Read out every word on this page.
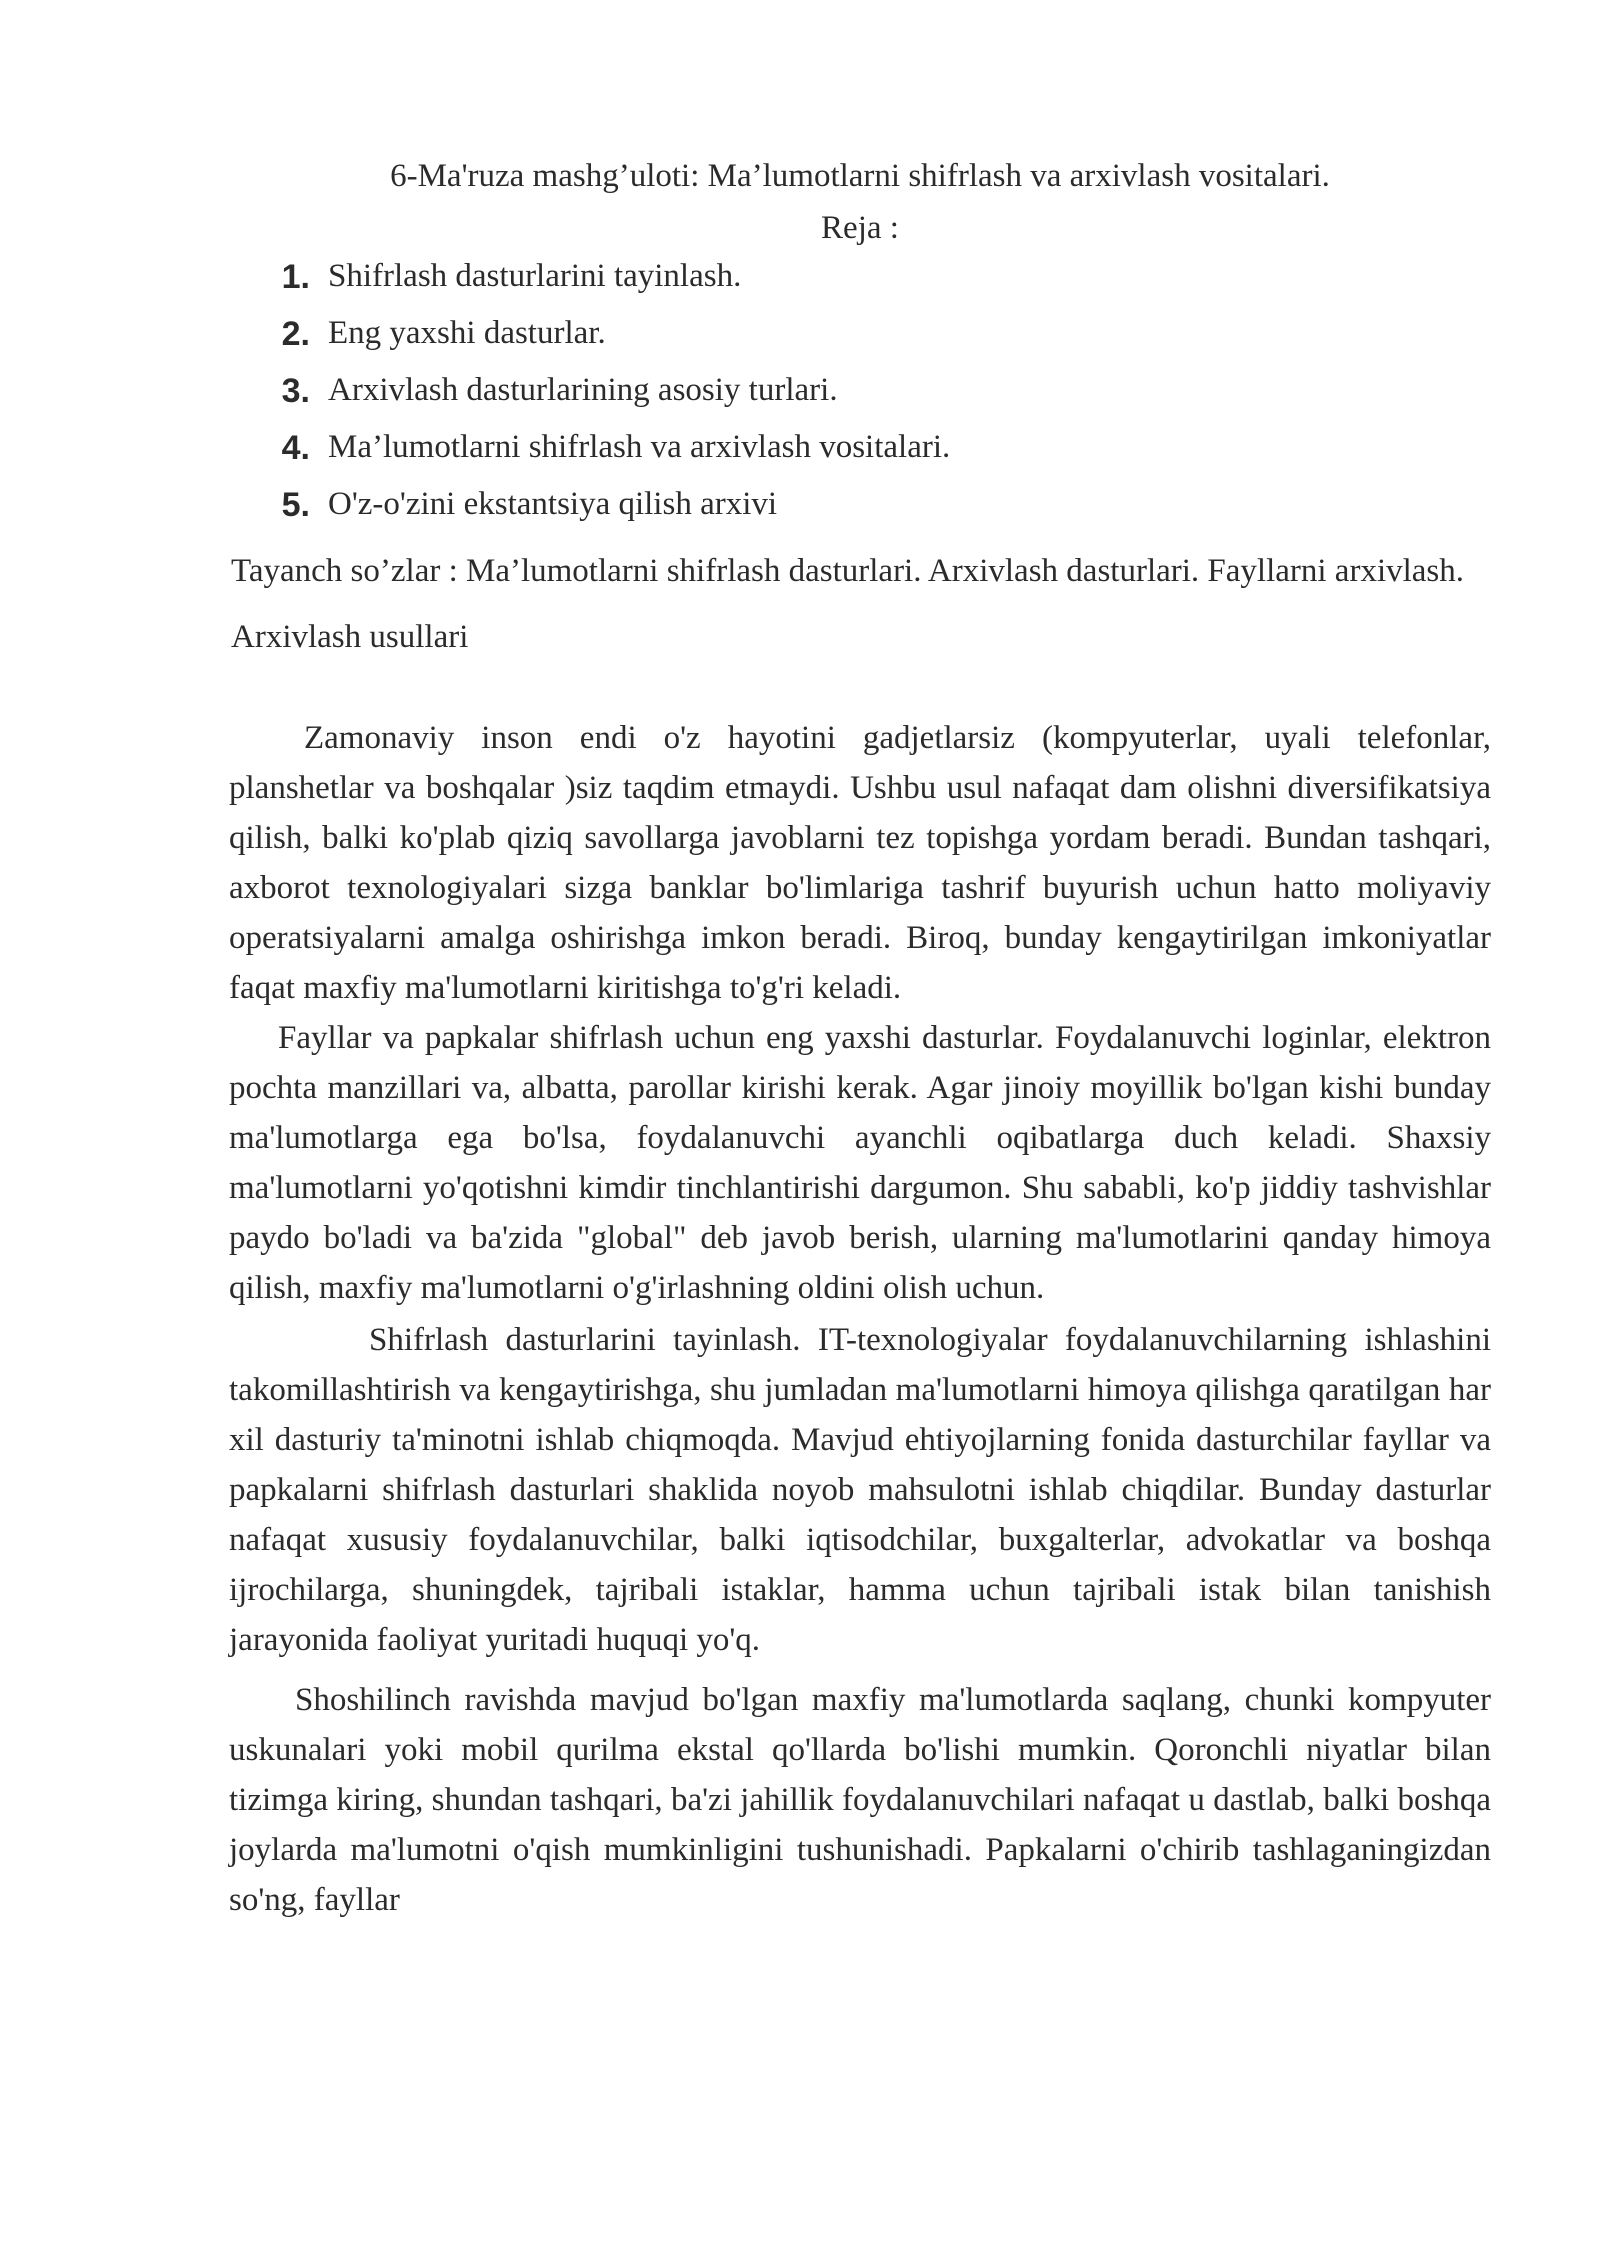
6-Ma'ruza mashg’uloti: Ma’lumotlarni shifrlash va arxivlash vositalari.
Reja :
1. Shifrlash dasturlarini tayinlash.
2. Eng yaxshi dasturlar.
3. Arxivlash dasturlarining asosiy turlari.
4. Ma’lumotlarni shifrlash va arxivlash vositalari.
5. O'z-o'zini ekstantsiya qilish arxivi

Tayanch so’zlar : Ma’lumotlarni shifrlash dasturlari. Arxivlash dasturlari. Fayllarni arxivlash. Arxivlash usullari

Zamonaviy inson endi o'z hayotini gadjetlarsiz (kompyuterlar, uyali telefonlar, planshetlar va boshqalar )siz taqdim etmaydi. Ushbu usul nafaqat dam olishni diversifikatsiya qilish, balki ko'plab qiziq savollarga javoblarni tez topishga yordam beradi. Bundan tashqari, axborot texnologiyalari sizga banklar bo'limlariga tashrif buyurish uchun hatto moliyaviy operatsiyalarni amalga oshirishga imkon beradi. Biroq, bunday kengaytirilgan imkoniyatlar faqat maxfiy ma'lumotlarni kiritishga to'g'ri keladi.

Fayllar va papkalar shifrlash uchun eng yaxshi dasturlar. Foydalanuvchi loginlar, elektron pochta manzillari va, albatta, parollar kirishi kerak. Agar jinoiy moyillik bo'lgan kishi bunday ma'lumotlarga ega bo'lsa, foydalanuvchi ayanchli oqibatlarga duch keladi. Shaxsiy ma'lumotlarni yo'qotishni kimdir tinchlantirishi dargumon. Shu sababli, ko'p jiddiy tashvishlar paydo bo'ladi va ba'zida "global" deb javob berish, ularning ma'lumotlarini qanday himoya qilish, maxfiy ma'lumotlarni o'g'irlashning oldini olish uchun.

Shifrlash dasturlarini tayinlash. IT-texnologiyalar foydalanuvchilarning ishlashini takomillashtirish va kengaytirishga, shu jumladan ma'lumotlarni himoya qilishga qaratilgan har xil dasturiy ta'minotni ishlab chiqmoqda. Mavjud ehtiyojlarning fonida dasturchilar fayllar va papkalarni shifrlash dasturlari shaklida noyob mahsulotni ishlab chiqdilar. Bunday dasturlar nafaqat xususiy foydalanuvchilar, balki iqtisodchilar, buxgalterlar, advokatlar va boshqa ijrochilarga, shuningdek, tajribali istaklar, hamma uchun tajribali istak bilan tanishish jarayonida faoliyat yuritadi huquqi yo'q.

Shoshilinch ravishda mavjud bo'lgan maxfiy ma'lumotlarda saqlang, chunki kompyuter uskunalari yoki mobil qurilma ekstal qo'llarda bo'lishi mumkin. Qoronchli niyatlar bilan tizimga kiring, shundan tashqari, ba'zi jahillik foydalanuvchilari nafaqat u dastlab, balki boshqa joylarda ma'lumotni o'qish mumkinligini tushunishadi. Papkalarni o'chirib tashlaganingizdan so'ng, fayllar
